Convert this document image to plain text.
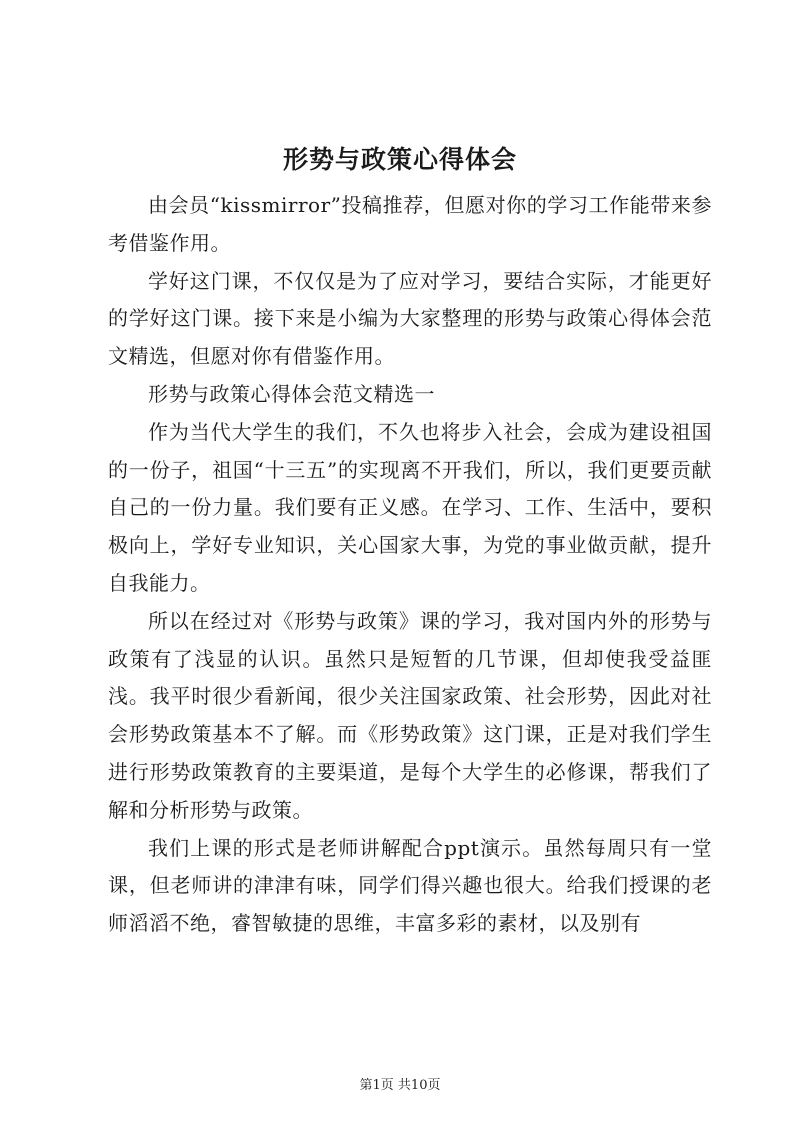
形势与政策心得体会

由会员“kissmirror”投稿推荐，但愿对你的学习工作能带来参考借鉴作用。

学好这门课，不仅仅是为了应对学习，要结合实际，才能更好的学好这门课。接下来是小编为大家整理的形势与政策心得体会范文精选，但愿对你有借鉴作用。

形势与政策心得体会范文精选一

作为当代大学生的我们，不久也将步入社会，会成为建设祖国的一份子，祖国“十三五”的实现离不开我们，所以，我们更要贡献自己的一份力量。我们要有正义感。在学习、工作、生活中，要积极向上，学好专业知识，关心国家大事，为党的事业做贡献，提升自我能力。

所以在经过对《形势与政策》课的学习，我对国内外的形势与政策有了浅显的认识。虽然只是短暂的几节课，但却使我受益匪浅。我平时很少看新闻，很少关注国家政策、社会形势，因此对社会形势政策基本不了解。而《形势政策》这门课，正是对我们学生进行形势政策教育的主要渠道，是每个大学生的必修课，帮我们了解和分析形势与政策。

我们上课的形式是老师讲解配合ppt演示。虽然每周只有一堂课，但老师讲的津津有味，同学们得兴趣也很大。给我们授课的老师滔滔不绝，睿智敏捷的思维，丰富多彩的素材，以及别有

第1页 共10页
